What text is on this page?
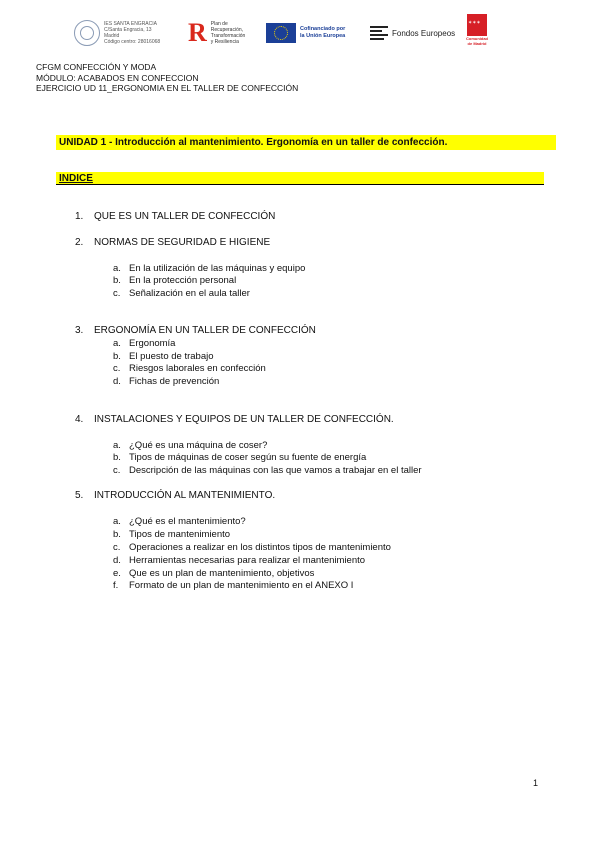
IES SANTA ENGRACIA
C/Santa Engracia, 13
Madrid
Código centro: 28016068 R Plan de
Recuperación,
Transformación
y Resiliencia
Cofinanciado por
la Unión Europea	Fondos Europeos
✶✶✶
Comunidad
de Madrid
CFGM CONFECCIÓN Y MODA
MÓDULO: ACABADOS EN CONFECCION
EJERCICIO UD 11_ERGONOMIA EN EL TALLER DE CONFECCIÓN
UNIDAD 1 - Introducción al mantenimiento. Ergonomía en un taller de confección.
INDICE
1. QUE ES UN TALLER DE CONFECCIÓN
2. NORMAS DE SEGURIDAD E HIGIENE
a. En la utilización de las máquinas y equipo
b. En la protección personal
c. Señalización en el aula taller
3. ERGONOMÍA EN UN TALLER DE CONFECCIÓN
a. Ergonomía
b. El puesto de trabajo
c. Riesgos laborales en confección
d. Fichas de prevención
4. INSTALACIONES Y EQUIPOS DE UN TALLER DE CONFECCIÓN.
a. ¿Qué es una máquina de coser?
b. Tipos de máquinas de coser según su fuente de energía
c. Descripción de las máquinas con las que vamos a trabajar en el taller
5. INTRODUCCIÓN AL MANTENIMIENTO.
a. ¿Qué es el mantenimiento?
b. Tipos de mantenimiento
c. Operaciones a realizar en los distintos tipos de mantenimiento
d. Herramientas necesarias para realizar el mantenimiento
e. Que es un plan de mantenimiento, objetivos
f. Formato de un plan de mantenimiento en el ANEXO I
1
